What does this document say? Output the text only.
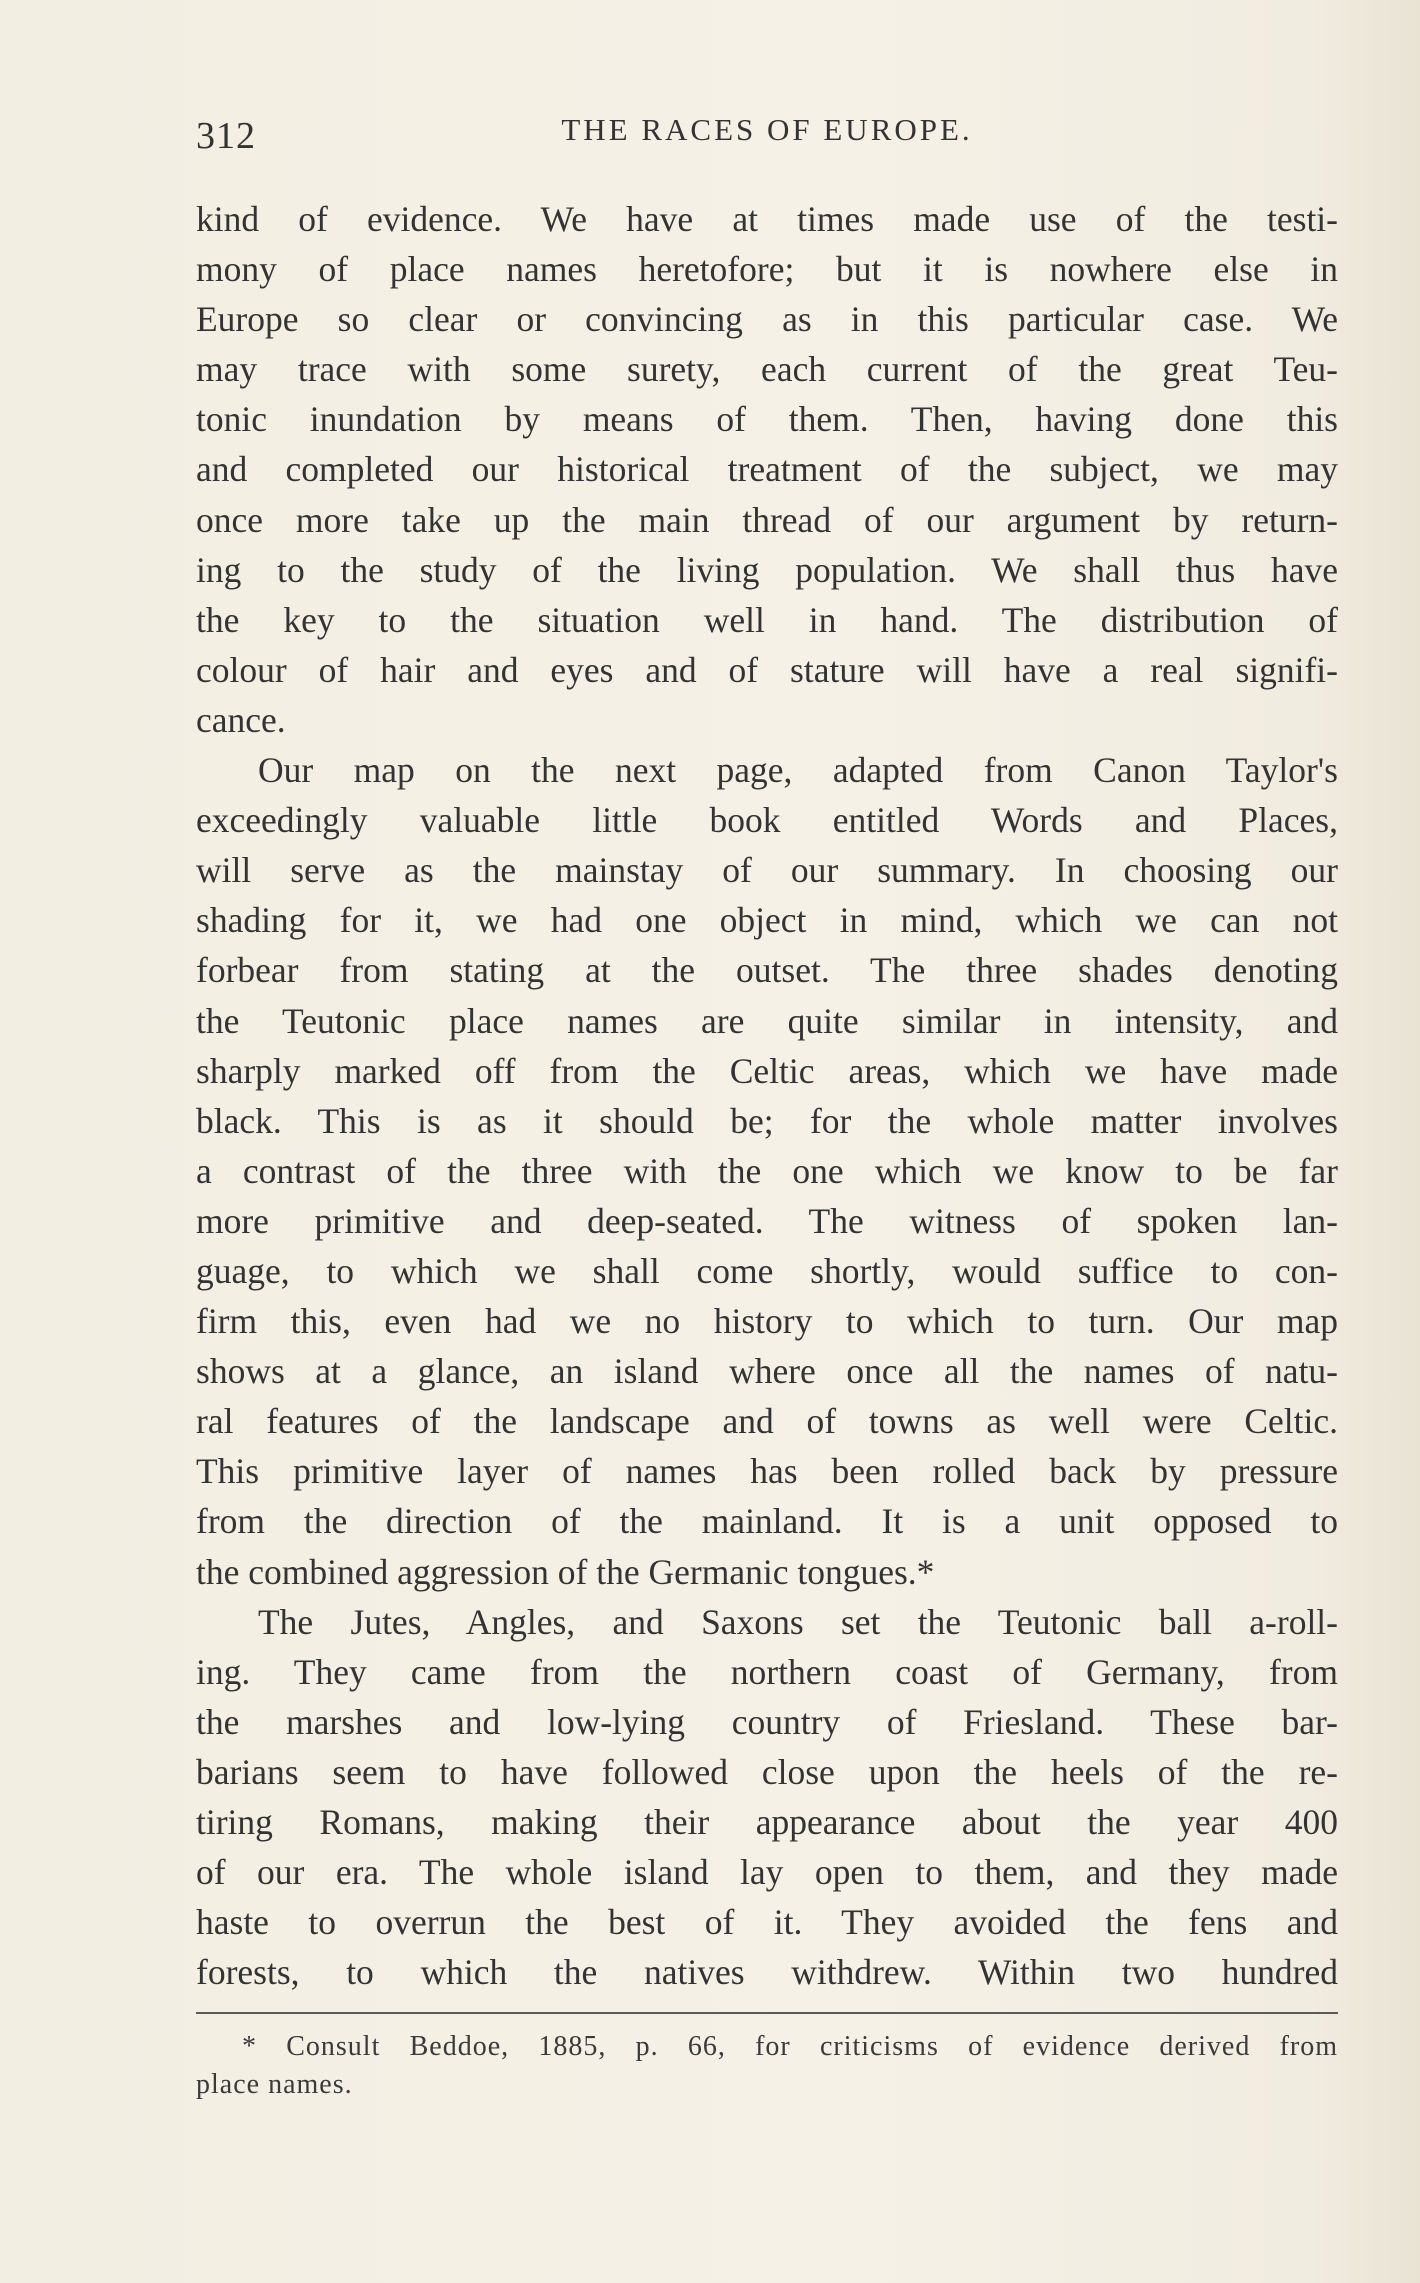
312	THE RACES OF EUROPE.
kind of evidence. We have at times made use of the testi-
mony of place names heretofore; but it is nowhere else in
Europe so clear or convincing as in this particular case. We
may trace with some surety, each current of the great Teu-
tonic inundation by means of them. Then, having done this
and completed our historical treatment of the subject, we may
once more take up the main thread of our argument by return-
ing to the study of the living population. We shall thus have
the key to the situation well in hand. The distribution of
colour of hair and eyes and of stature will have a real signifi-
cance.
Our map on the next page, adapted from Canon Taylor's
exceedingly valuable little book entitled Words and Places,
will serve as the mainstay of our summary. In choosing our
shading for it, we had one object in mind, which we can not
forbear from stating at the outset. The three shades denoting
the Teutonic place names are quite similar in intensity, and
sharply marked off from the Celtic areas, which we have made
black. This is as it should be; for the whole matter involves
a contrast of the three with the one which we know to be far
more primitive and deep-seated. The witness of spoken lan-
guage, to which we shall come shortly, would suffice to con-
firm this, even had we no history to which to turn. Our map
shows at a glance, an island where once all the names of natu-
ral features of the landscape and of towns as well were Celtic.
This primitive layer of names has been rolled back by pressure
from the direction of the mainland. It is a unit opposed to
the combined aggression of the Germanic tongues.*
The Jutes, Angles, and Saxons set the Teutonic ball a-roll-
ing. They came from the northern coast of Germany, from
the marshes and low-lying country of Friesland. These bar-
barians seem to have followed close upon the heels of the re-
tiring Romans, making their appearance about the year 400
of our era. The whole island lay open to them, and they made
haste to overrun the best of it. They avoided the fens and
forests, to which the natives withdrew. Within two hundred
* Consult Beddoe, 1885, p. 66, for criticisms of evidence derived from
place names.
